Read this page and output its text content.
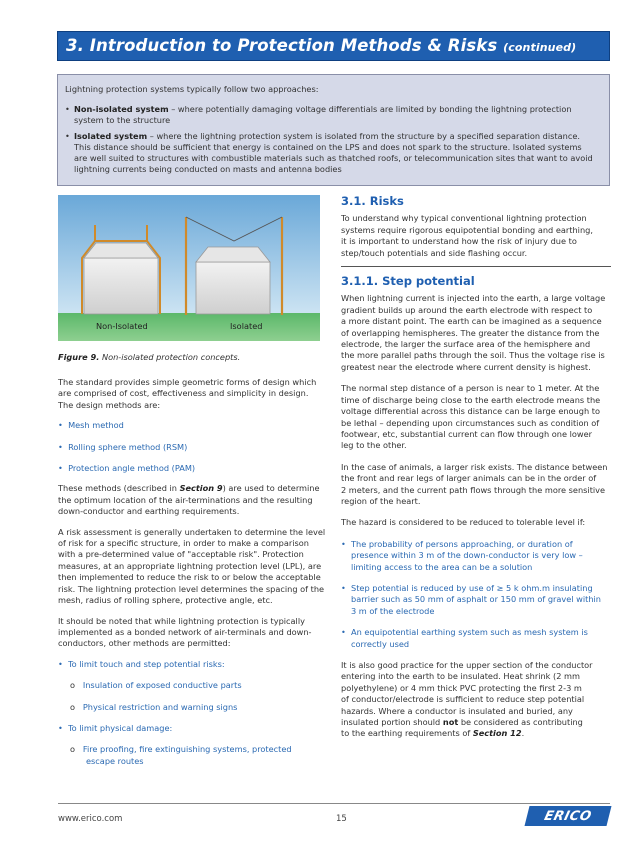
3. Introduction to Protection Methods & Risks (continued)
Lightning protection systems typically follow two approaches:
• Non-isolated system – where potentially damaging voltage differentials are limited by bonding the lightning protection
system to the structure
• Isolated system – where the lightning protection system is isolated from the structure by a specified separation distance.
This distance should be sufficient that energy is contained on the LPS and does not spark to the structure. Isolated systems
are well suited to structures with combustible materials such as thatched roofs, or telecommunication sites that want to avoid
lightning currents being conducted on masts and antenna bodies
Non-Isolated	Isolated
Figure 9. Non-isolated protection concepts.

The standard provides simple geometric forms of design which
are comprised of cost, effectiveness and simplicity in design.
The design methods are:

• Mesh method
• Rolling sphere method (RSM)
• Protection angle method (PAM)

These methods (described in Section 9) are used to determine
the optimum location of the air-terminations and the resulting
down-conductor and earthing requirements.

A risk assessment is generally undertaken to determine the level
of risk for a specific structure, in order to make a comparison
with a pre-determined value of "acceptable risk". Protection
measures, at an appropriate lightning protection level (LPL), are
then implemented to reduce the risk to or below the acceptable
risk. The lightning protection level determines the spacing of the
mesh, radius of rolling sphere, protective angle, etc.

It should be noted that while lightning protection is typically
implemented as a bonded network of air-terminals and down-
conductors, other methods are permitted:

• To limit touch and step potential risks:
o Insulation of exposed conductive parts
o Physical restriction and warning signs
• To limit physical damage:
o Fire proofing, fire extinguishing systems, protected
escape routes
3.1. Risks

To understand why typical conventional lightning protection
systems require rigorous equipotential bonding and earthing,
it is important to understand how the risk of injury due to
step/touch potentials and side flashing occur.

3.1.1. Step potential

When lightning current is injected into the earth, a large voltage
gradient builds up around the earth electrode with respect to
a more distant point. The earth can be imagined as a sequence
of overlapping hemispheres. The greater the distance from the
electrode, the larger the surface area of the hemisphere and
the more parallel paths through the soil. Thus the voltage rise is
greatest near the electrode where current density is highest.

The normal step distance of a person is near to 1 meter. At the
time of discharge being close to the earth electrode means the
voltage differential across this distance can be large enough to
be lethal – depending upon circumstances such as condition of
footwear, etc, substantial current can flow through one lower
leg to the other.

In the case of animals, a larger risk exists. The distance between
the front and rear legs of larger animals can be in the order of
2 meters, and the current path flows through the more sensitive
region of the heart.

The hazard is considered to be reduced to tolerable level if:

• The probability of persons approaching, or duration of
presence within 3 m of the down-conductor is very low –
limiting access to the area can be a solution
• Step potential is reduced by use of ≥ 5 k ohm.m insulating
barrier such as 50 mm of asphalt or 150 mm of gravel within
3 m of the electrode
• An equipotential earthing system such as mesh system is
correctly used

It is also good practice for the upper section of the conductor
entering into the earth to be insulated. Heat shrink (2 mm
polyethylene) or 4 mm thick PVC protecting the first 2-3 m
of conductor/electrode is sufficient to reduce step potential
hazards. Where a conductor is insulated and buried, any
insulated portion should not be considered as contributing
to the earthing requirements of Section 12.

www.erico.com	15	ERICO
